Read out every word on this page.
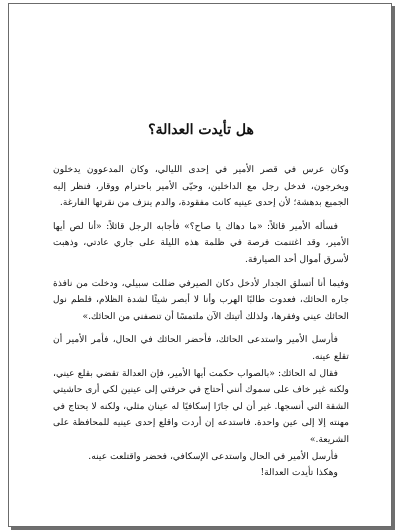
هل تأيدت العدالة؟

وكان عرس في قصر الأمير في إحدى الليالي، وكان المدعوون يدخلون ويخرجون، فدخل رجل مع الداخلين، وحيّى الأمير باحترام ووقار، فنظر إليه الجميع بدهشة؛ لأن إحدى عينيه كانت مفقودة، والدم ينزف من نقرتها الفارغة.

فسأله الأمير قائلاً: «ما دهاك يا صاح؟» فأجابه الرجل قائلاً: «أنا لص أيها الأمير، وقد اغتنمت فرصة في ظلمة هذه الليلة على جاري عادتي، وذهبت لأسرق أموال أحد الصيارفة.

وفيما أنا أتسلق الجدار لأدخل دكان الصيرفي ضللت سبيلي، ودخلت من نافذة جاره الحائك، فعدوت طالبًا الهرب وأنا لا أبصر شيئًا لشدة الظلام، فلطم نول الحائك عيني وفقرها، ولذلك أتيتك الآن ملتمسًا أن تنصفني من الحائك.»

فأرسل الأمير واستدعى الحائك، فأحضر الحائك في الحال، فأمر الأمير أن تقلع عينه.

فقال له الحائك: «بالصواب حكمت أيها الأمير، فإن العدالة تقضي بقلع عيني، ولكنه غير خاف على سموك أنني أحتاج في حرفتي إلى عينين لكي أرى حاشيتي الشقة التي أنسجها. غير أن لي جارًا إسكافيًا له عينان مثلي، ولكنه لا يحتاج في مهنته إلا إلى عين واحدة. فاستدعه إن أردت واقلع إحدى عينيه للمحافظة على الشريعة.»

فأرسل الأمير في الحال واستدعى الإسكافي، فحضر واقتلعت عينه.

وهكذا تأيدت العدالة!
